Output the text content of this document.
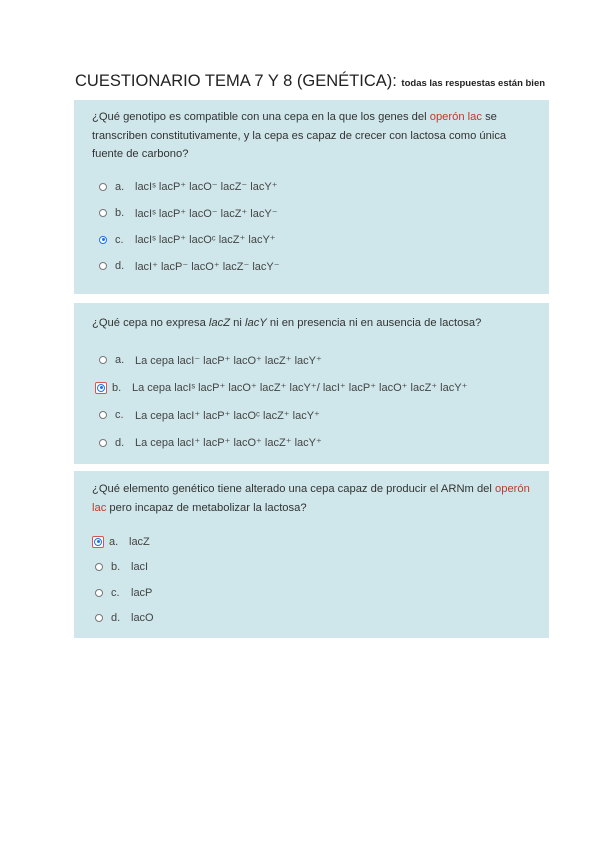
CUESTIONARIO TEMA 7 Y 8 (GENÉTICA): todas las respuestas están bien

¿Qué genotipo es compatible con una cepa en la que los genes del operón lac se transcriben constitutivamente, y la cepa es capaz de crecer con lactosa como única fuente de carbono?

a. lacIˢ lacP⁺ lacO⁻ lacZ⁻ lacY⁺
b. lacIˢ lacP⁺ lacO⁻ lacZ⁺ lacY⁻
c.	lacIˢ lacP⁺ lacOᶜ lacZ⁺ lacY⁺
d. lacI⁺ lacP⁻ lacO⁺ lacZ⁻ lacY⁻

¿Qué cepa no expresa lacZ ni lacY ni en presencia ni en ausencia de lactosa?

a. La cepa lacI⁻ lacP⁺ lacO⁺ lacZ⁺ lacY⁺
b. La cepa lacIˢ lacP⁺ lacO⁺ lacZ⁺ lacY⁺/ lacI⁺ lacP⁺ lacO⁺ lacZ⁺ lacY⁺
c.	La cepa lacI⁺ lacP⁺ lacOᶜ lacZ⁺ lacY⁺
d. La cepa lacI⁺ lacP⁺ lacO⁺ lacZ⁺ lacY⁺

¿Qué elemento genético tiene alterado una cepa capaz de producir el ARNm del operón lac pero incapaz de metabolizar la lactosa?

a. lacZ
b. lacI
c.	lacP
d. lacO
